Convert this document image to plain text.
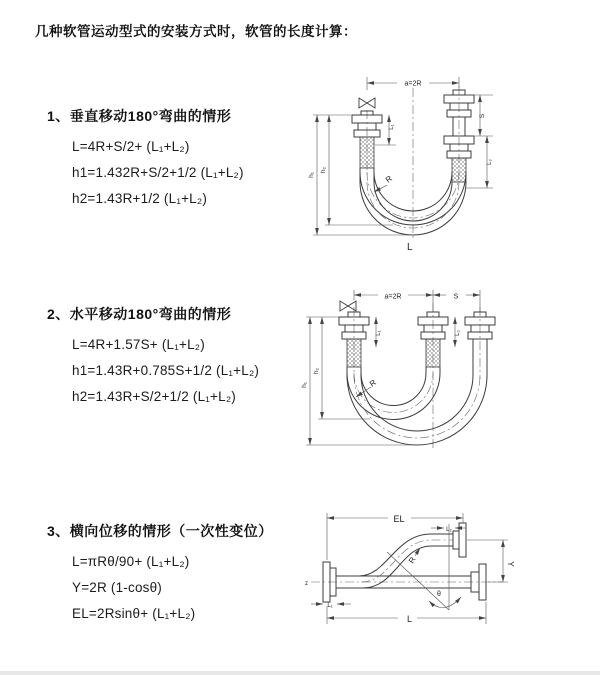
几种软管运动型式的安装方式时，软管的长度计算：
1、垂直移动180°弯曲的情形
L=4R+S/2+ (L₁+L₂)
h1=1.432R+S/2+1/2 (L₁+L₂)
h2=1.43R+1/2 (L₁+L₂)
a=2R
L₁
S
L₂
h₂
h₁	R
L
2、水平移动180°弯曲的情形
L=4R+1.57S+ (L₁+L₂)
h1=1.43R+0.785S+1/2 (L₁+L₂)
h2=1.43R+S/2+1/2 (L₁+L₂)
a=2R	S
L₁	L₂
h₂
h₁	R
3、横向位移的情形（一次性变位）
L=πRθ/90+ (L₁+L₂)
Y=2R (1-cosθ)
EL=2Rsinθ+ (L₁+L₂)
EL
L₂
Y
L₁
L
R
θ
z
